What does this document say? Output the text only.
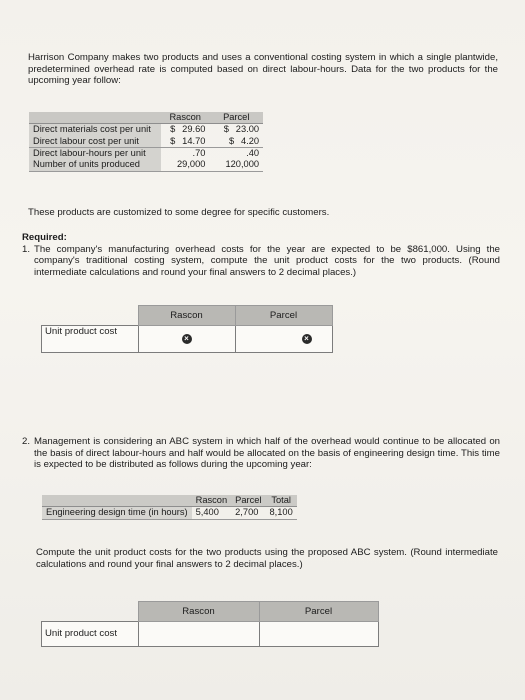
Harrison Company makes two products and uses a conventional costing system in which a single plantwide, predetermined overhead rate is computed based on direct labour-hours. Data for the two products for the upcoming year follow:
	Rascon	Parcel
Direct materials cost per unit	$ 29.60	$ 23.00
Direct labour cost per unit	$ 14.70	$ 4.20
Direct labour-hours per unit	.70	.40
Number of units produced	29,000	120,000
These products are customized to some degree for specific customers.
Required:
1. The company's manufacturing overhead costs for the year are expected to be $861,000. Using the company's traditional costing system, compute the unit product costs for the two products. (Round intermediate calculations and round your final answers to 2 decimal places.)
	Rascon	Parcel
Unit product cost	×	×
2. Management is considering an ABC system in which half of the overhead would continue to be allocated on the basis of direct labour-hours and half would be allocated on the basis of engineering design time. This time is expected to be distributed as follows during the upcoming year:
	Rascon	Parcel	Total
Engineering design time (in hours)	5,400	2,700	8,100
Compute the unit product costs for the two products using the proposed ABC system. (Round intermediate calculations and round your final answers to 2 decimal places.)
	Rascon	Parcel
Unit product cost		
